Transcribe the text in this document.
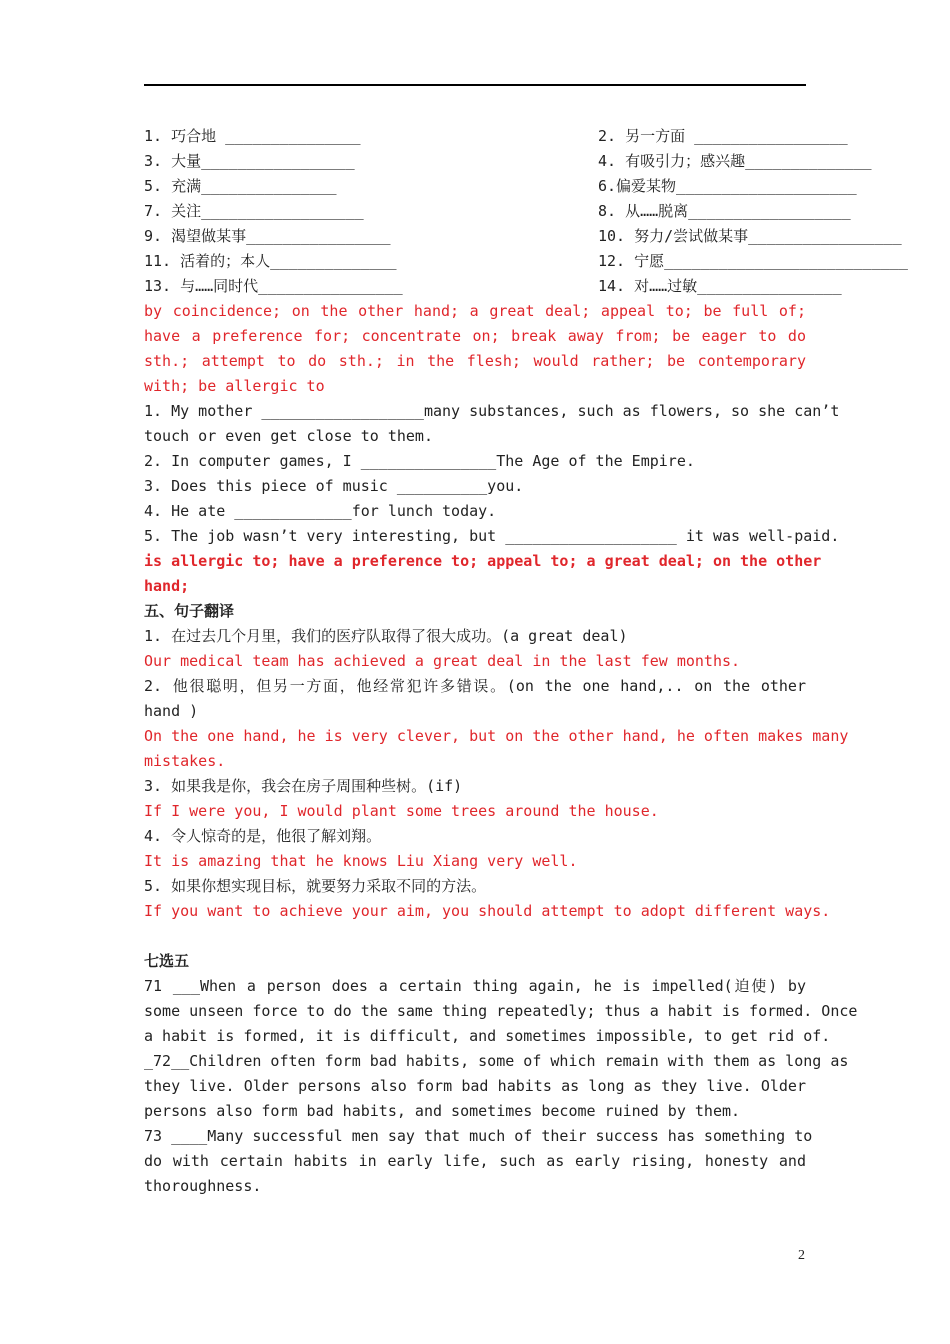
1. 巧合地 _______________	2. 另一方面 _________________
3. 大量_________________	4. 有吸引力；感兴趣______________
5. 充满_______________	6.偏爱某物____________________
7. 关注__________________	8. 从……脱离__________________
9. 渴望做某事________________	10. 努力/尝试做某事_________________
11. 活着的；本人______________	12. 宁愿___________________________
13. 与……同时代________________	14. 对……过敏________________
by coincidence; on the other hand; a great deal; appeal to; be full of;
have a preference for; concentrate on; break away from; be eager to do
sth.; attempt to do sth.; in the flesh; would rather; be contemporary
with; be allergic to
1. My mother __________________many substances, such as flowers, so she can’t
touch or even get close to them.
2. In computer games, I _______________The Age of the Empire.
3. Does this piece of music __________you.
4. He ate _____________for lunch today.
5. The job wasn’t very interesting, but ___________________ it was well-paid.
is allergic to; have a preference to; appeal to; a great deal; on the other
hand;
五、句子翻译
1. 在过去几个月里，我们的医疗队取得了很大成功。(a great deal)
Our medical team has achieved a great deal in the last few months.
2. 他很聪明，但另一方面，他经常犯许多错误。(on the one hand,.. on the other
hand )
On the one hand, he is very clever, but on the other hand, he often makes many
mistakes.
3. 如果我是你，我会在房子周围种些树。(if)
If I were you, I would plant some trees around the house.
4. 令人惊奇的是，他很了解刘翔。
It is amazing that he knows Liu Xiang very well.
5. 如果你想实现目标，就要努力采取不同的方法。
If you want to achieve your aim, you should attempt to adopt different ways.
七选五
71 ___When a person does a certain thing again, he is impelled(迫使) by
some unseen force to do the same thing repeatedly; thus a habit is formed. Once
a habit is formed, it is difficult, and sometimes impossible, to get rid of.
_72__Children often form bad habits, some of which remain with them as long as
they live. Older persons also form bad habits as long as they live. Older
persons also form bad habits, and sometimes become ruined by them.
73 ____Many successful men say that much of their success has something to
do with certain habits in early life, such as early rising, honesty and
thoroughness.
2
